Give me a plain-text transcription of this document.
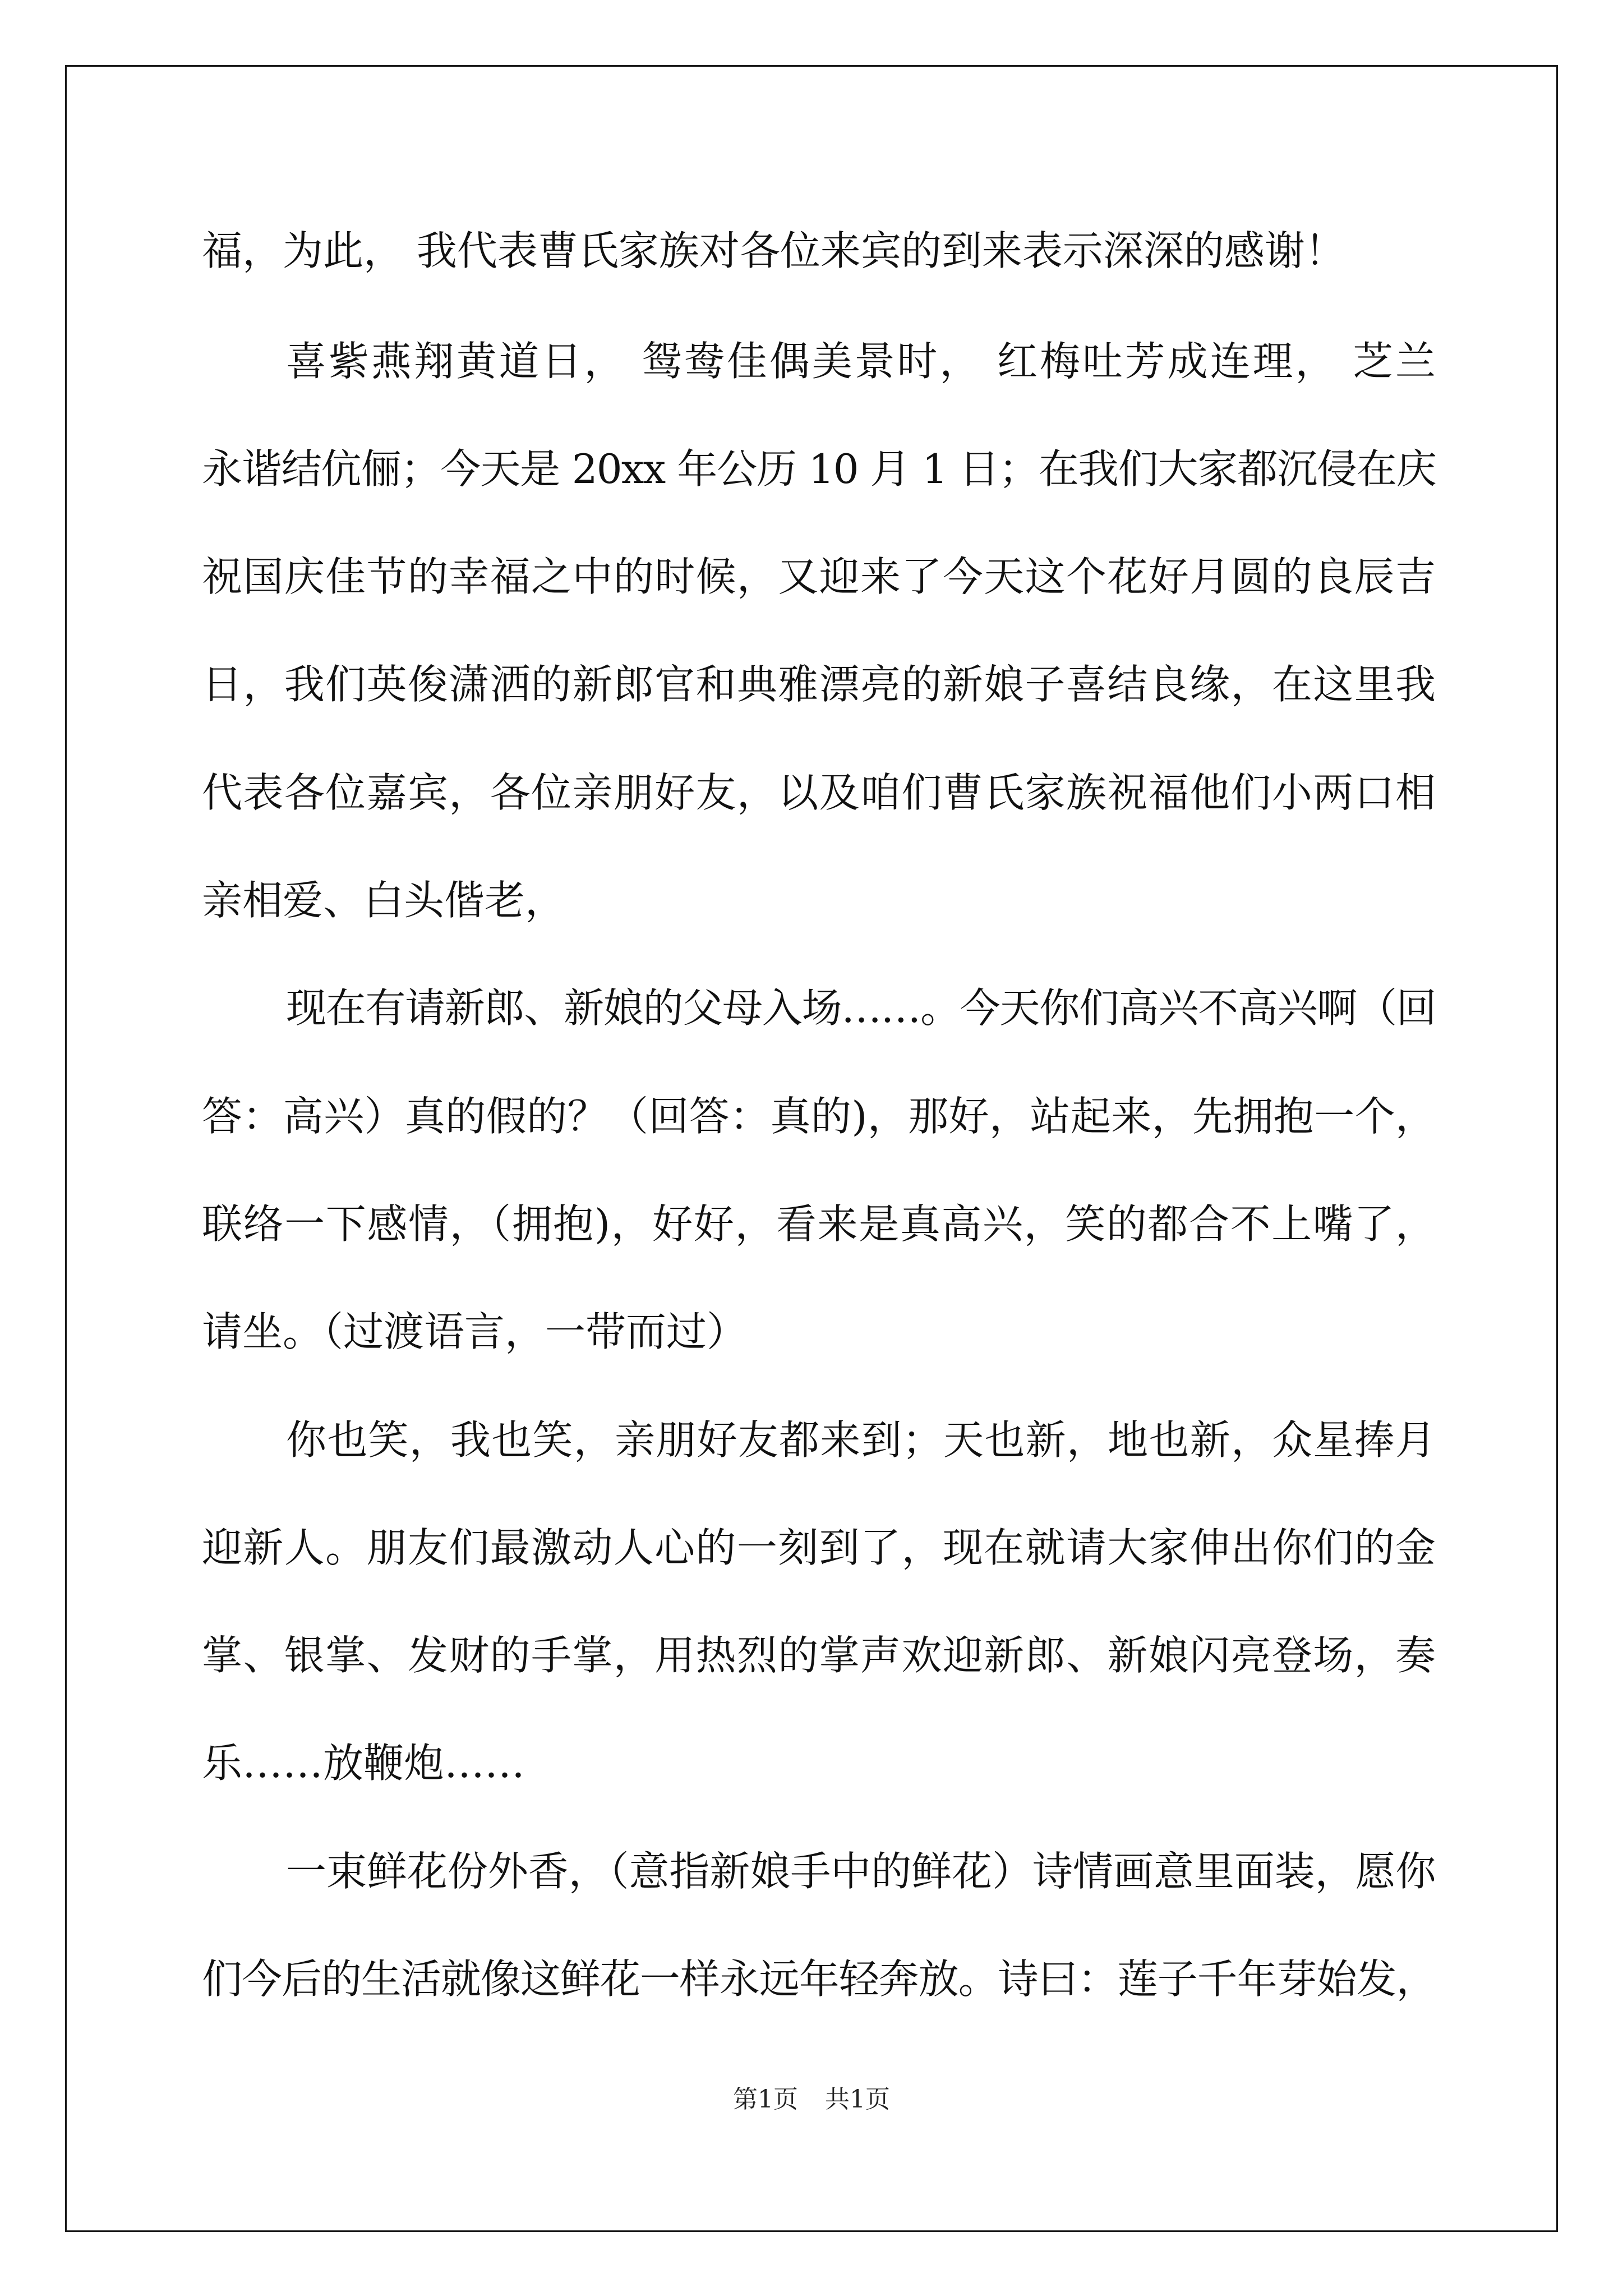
福，为此， 我代表曹氏家族对各位来宾的到来表示深深的感谢！
喜紫燕翔黄道日， 鸳鸯佳偶美景时， 红梅吐芳成连理， 芝兰
永谐结伉俪；今天是 20xx 年公历 10 月 1 日；在我们大家都沉侵在庆
祝国庆佳节的幸福之中的时候，又迎来了今天这个花好月圆的良辰吉
日，我们英俊潇洒的新郎官和典雅漂亮的新娘子喜结良缘，在这里我
代表各位嘉宾，各位亲朋好友，以及咱们曹氏家族祝福他们小两口相
亲相爱、白头偕老，
现在有请新郎、新娘的父母入场……。今天你们高兴不高兴啊（回
答：高兴）真的假的？（回答：真的)，那好，站起来，先拥抱一个，
联络一下感情，（拥抱)，好好，看来是真高兴，笑的都合不上嘴了，
请坐。（过渡语言，一带而过）
你也笑，我也笑，亲朋好友都来到；天也新，地也新，众星捧月
迎新人。朋友们最激动人心的一刻到了，现在就请大家伸出你们的金
掌、银掌、发财的手掌，用热烈的掌声欢迎新郎、新娘闪亮登场，奏
乐……放鞭炮……
一束鲜花份外香，（意指新娘手中的鲜花）诗情画意里面装，愿你
们今后的生活就像这鲜花一样永远年轻奔放。诗曰：莲子千年芽始发，
第1页 共1页
